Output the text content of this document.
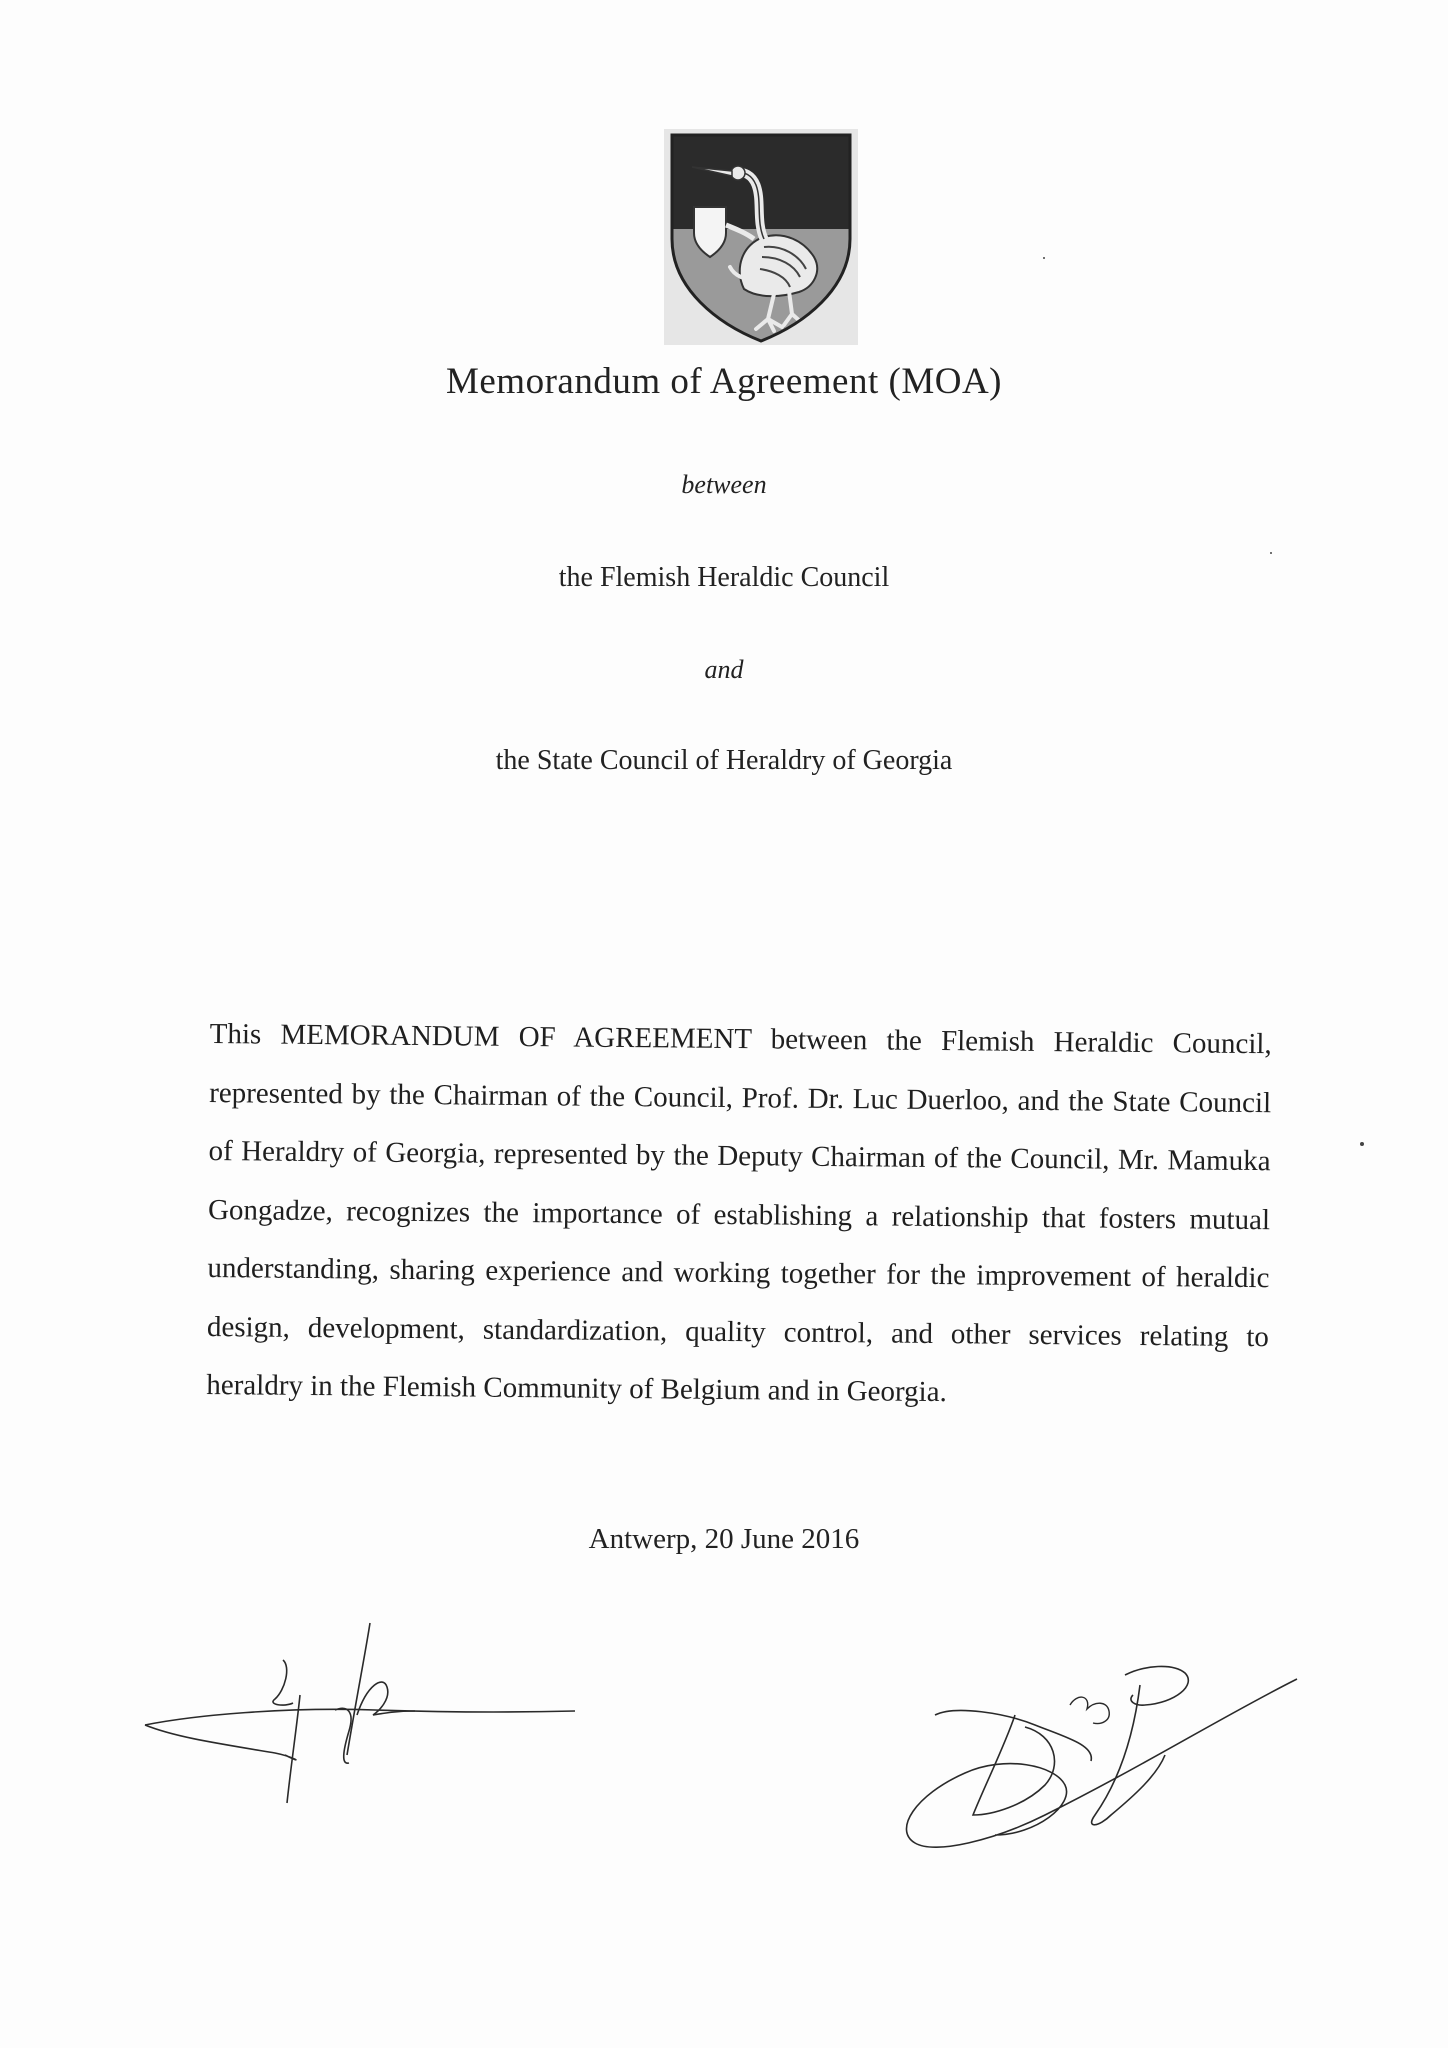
Memorandum of Agreement (MOA)
between
the Flemish Heraldic Council
and
the State Council of Heraldry of Georgia
This MEMORANDUM OF AGREEMENT between the Flemish Heraldic Council, represented by the Chairman of the Council, Prof. Dr. Luc Duerloo, and the State Council of Heraldry of Georgia, represented by the Deputy Chairman of the Council, Mr. Mamuka Gongadze, recognizes the importance of establishing a relationship that fosters mutual understanding, sharing experience and working together for the improvement of heraldic design, development, standardization, quality control, and other services relating to heraldry in the Flemish Community of Belgium and in Georgia.
Antwerp, 20 June 2016
